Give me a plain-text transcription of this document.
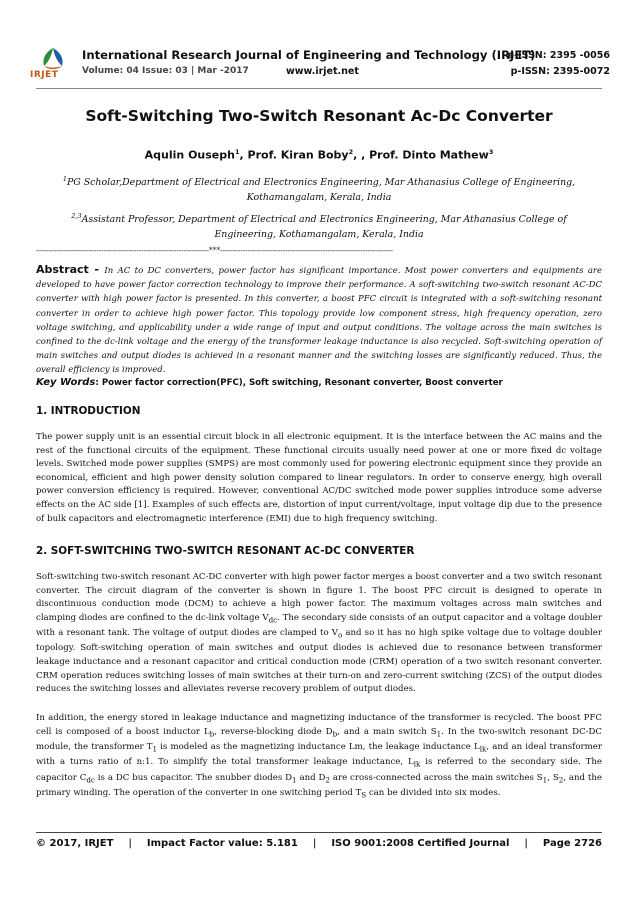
IRJET
International Research Journal of Engineering and Technology (IRJET)
e-ISSN: 2395 -0056
Volume: 04 Issue: 03 | Mar -2017	www.irjet.net	p-ISSN: 2395-0072
Soft-Switching Two-Switch Resonant Ac-Dc Converter
Aqulin Ouseph$^1$, Prof. Kiran Boby$^2$, , Prof. Dinto Mathew$^3$
$^1$PG Scholar,Department of Electrical and Electronics Engineering, Mar Athanasius College of Engineering, Kothamangalam, Kerala, India
$^{2,3}$Assistant Professor, Department of Electrical and Electronics Engineering, Mar Athanasius College of Engineering, Kothamangalam, Kerala, India
---------------------------------------------------------------------***---------------------------------------------------------------------
Abstract - In AC to DC converters, power factor has significant importance. Most power converters and equipments are developed to have power factor correction technology to improve their performance. A soft-switching two-switch resonant AC-DC converter with high power factor is presented. In this converter, a boost PFC circuit is integrated with a soft-switching resonant converter in order to achieve high power factor. This topology provide low component stress, high frequency operation, zero voltage switching, and applicability under a wide range of input and output conditions. The voltage across the main switches is confined to the dc-link voltage and the energy of the transformer leakage inductance is also recycled. Soft-switching operation of main switches and output diodes is achieved in a resonant manner and the switching losses are significantly reduced. Thus, the overall efficiency is improved.
Key Words: Power factor correction(PFC), Soft switching, Resonant converter, Boost converter
1. INTRODUCTION
The power supply unit is an essential circuit block in all electronic equipment. It is the interface between the AC mains and the rest of the functional circuits of the equipment. These functional circuits usually need power at one or more fixed dc voltage levels. Switched mode power supplies (SMPS) are most commonly used for powering electronic equipment since they provide an economical, efficient and high power density solution compared to linear regulators. In order to conserve energy, high overall power conversion efficiency is required. However, conventional AC/DC switched mode power supplies introduce some adverse effects on the AC side [1]. Examples of such effects are, distortion of input current/voltage, input voltage dip due to the presence of bulk capacitors and electromagnetic interference (EMI) due to high frequency switching.
2. SOFT-SWITCHING TWO-SWITCH RESONANT AC-DC CONVERTER
Soft-switching two-switch resonant AC-DC converter with high power factor merges a boost converter and a two switch resonant converter. The circuit diagram of the converter is shown in figure 1. The boost PFC circuit is designed to operate in discontinuous conduction mode (DCM) to achieve a high power factor. The maximum voltages across main switches and clamping diodes are confined to the dc-link voltage $V_{dc}$. The secondary side consists of an output capacitor and a voltage doubler with a resonant tank. The voltage of output diodes are clamped to $V_o$ and so it has no high spike voltage due to voltage doubler topology. Soft-switching operation of main switches and output diodes is achieved due to resonance between transformer leakage inductance and a resonant capacitor and critical conduction mode (CRM) operation of a two switch resonant converter. CRM operation reduces switching losses of main switches at their turn-on and zero-current switching (ZCS) of the output diodes reduces the switching losses and alleviates reverse recovery problem of output diodes.
In addition, the energy stored in leakage inductance and magnetizing inductance of the transformer is recycled. The boost PFC cell is composed of a boost inductor $L_b$, reverse-blocking diode $D_b$, and a main switch $S_1$. In the two-switch resonant DC-DC module, the transformer $T_1$ is modeled as the magnetizing inductance Lm, the leakage inductance $L_{lk}$, and an ideal transformer with a turns ratio of n:1. To simplify the total transformer leakage inductance, $L_{lk}$ is referred to the secondary side. The capacitor $C_{dc}$ is a DC bus capacitor. The snubber diodes $D_1$ and $D_2$ are cross-connected across the main switches $S_1$, $S_2$, and the primary winding. The operation of the converter in one switching period $T_S$ can be divided into six modes.
© 2017, IRJET | Impact Factor value: 5.181 | ISO 9001:2008 Certified Journal | Page 2726
